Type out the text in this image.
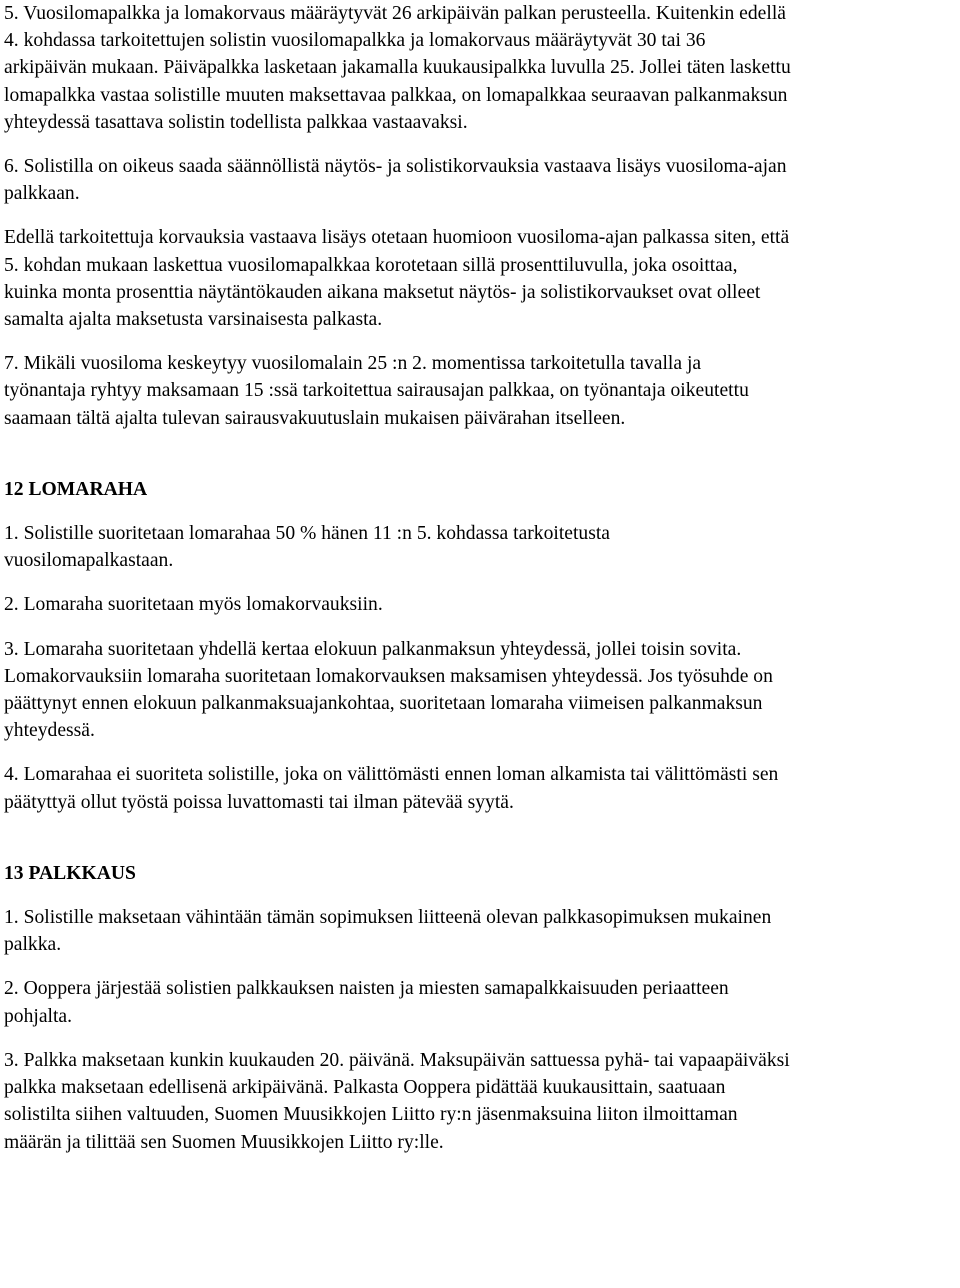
5. Vuosilomapalkka ja lomakorvaus määräytyvät 26 arkipäivän palkan perusteella. Kuitenkin edellä
4. kohdassa tarkoitettujen solistin vuosilomapalkka ja lomakorvaus määräytyvät 30 tai 36
arkipäivän mukaan. Päiväpalkka lasketaan jakamalla kuukausipalkka luvulla 25. Jollei täten laskettu
lomapalkka vastaa solistille muuten maksettavaa palkkaa, on lomapalkkaa seuraavan palkanmaksun
yhteydessä tasattava solistin todellista palkkaa vastaavaksi.

6. Solistilla on oikeus saada säännöllistä näytös- ja solistikorvauksia vastaava lisäys vuosiloma-ajan
palkkaan.

Edellä tarkoitettuja korvauksia vastaava lisäys otetaan huomioon vuosiloma-ajan palkassa siten, että
5. kohdan mukaan laskettua vuosilomapalkkaa korotetaan sillä prosenttiluvulla, joka osoittaa,
kuinka monta prosenttia näytäntökauden aikana maksetut näytös- ja solistikorvaukset ovat olleet
samalta ajalta maksetusta varsinaisesta palkasta.

7. Mikäli vuosiloma keskeytyy vuosilomalain 25 :n 2. momentissa tarkoitetulla tavalla ja
työnantaja ryhtyy maksamaan 15 :ssä tarkoitettua sairausajan palkkaa, on työnantaja oikeutettu
saamaan tältä ajalta tulevan sairausvakuutuslain mukaisen päivärahan itselleen.

12 LOMARAHA

1. Solistille suoritetaan lomarahaa 50 % hänen 11 :n 5. kohdassa tarkoitetusta
vuosilomapalkastaan.

2. Lomaraha suoritetaan myös lomakorvauksiin.

3. Lomaraha suoritetaan yhdellä kertaa elokuun palkanmaksun yhteydessä, jollei toisin sovita.
Lomakorvauksiin lomaraha suoritetaan lomakorvauksen maksamisen yhteydessä. Jos työsuhde on
päättynyt ennen elokuun palkanmaksuajankohtaa, suoritetaan lomaraha viimeisen palkanmaksun
yhteydessä.

4. Lomarahaa ei suoriteta solistille, joka on välittömästi ennen loman alkamista tai välittömästi sen
päätyttyä ollut työstä poissa luvattomasti tai ilman pätevää syytä.

13 PALKKAUS

1. Solistille maksetaan vähintään tämän sopimuksen liitteenä olevan palkkasopimuksen mukainen
palkka.

2. Ooppera järjestää solistien palkkauksen naisten ja miesten samapalkkaisuuden periaatteen
pohjalta.

3. Palkka maksetaan kunkin kuukauden 20. päivänä. Maksupäivän sattuessa pyhä- tai vapaapäiväksi
palkka maksetaan edellisenä arkipäivänä. Palkasta Ooppera pidättää kuukausittain, saatuaan
solistilta siihen valtuuden, Suomen Muusikkojen Liitto ry:n jäsenmaksuina liiton ilmoittaman
määrän ja tilittää sen Suomen Muusikkojen Liitto ry:lle.
